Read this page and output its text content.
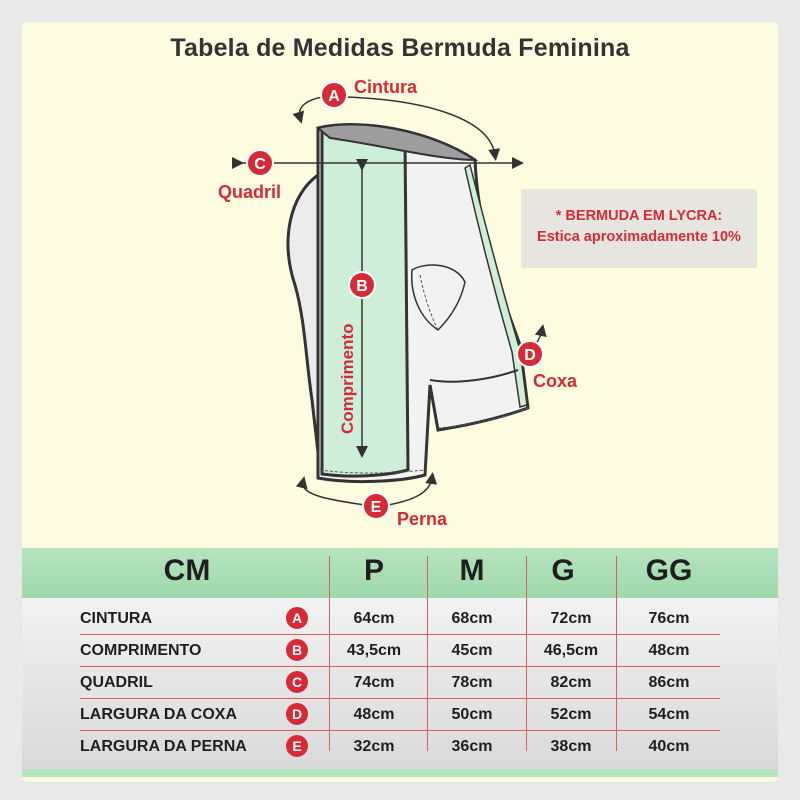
Tabela de Medidas Bermuda Feminina
A
C
B
D
E
Comprimento
Cintura
Quadril
Coxa
Perna
* BERMUDA EM LYCRA:
Estica aproximadamente 10%
CM	P	M	G	GG
CINTURA	A	64cm	68cm	72cm	76cm
COMPRIMENTO	B	43,5cm	45cm	46,5cm	48cm
QUADRIL	C	74cm	78cm	82cm	86cm
LARGURA DA COXA	D	48cm	50cm	52cm	54cm
LARGURA DA PERNA	E	32cm	36cm	38cm	40cm
